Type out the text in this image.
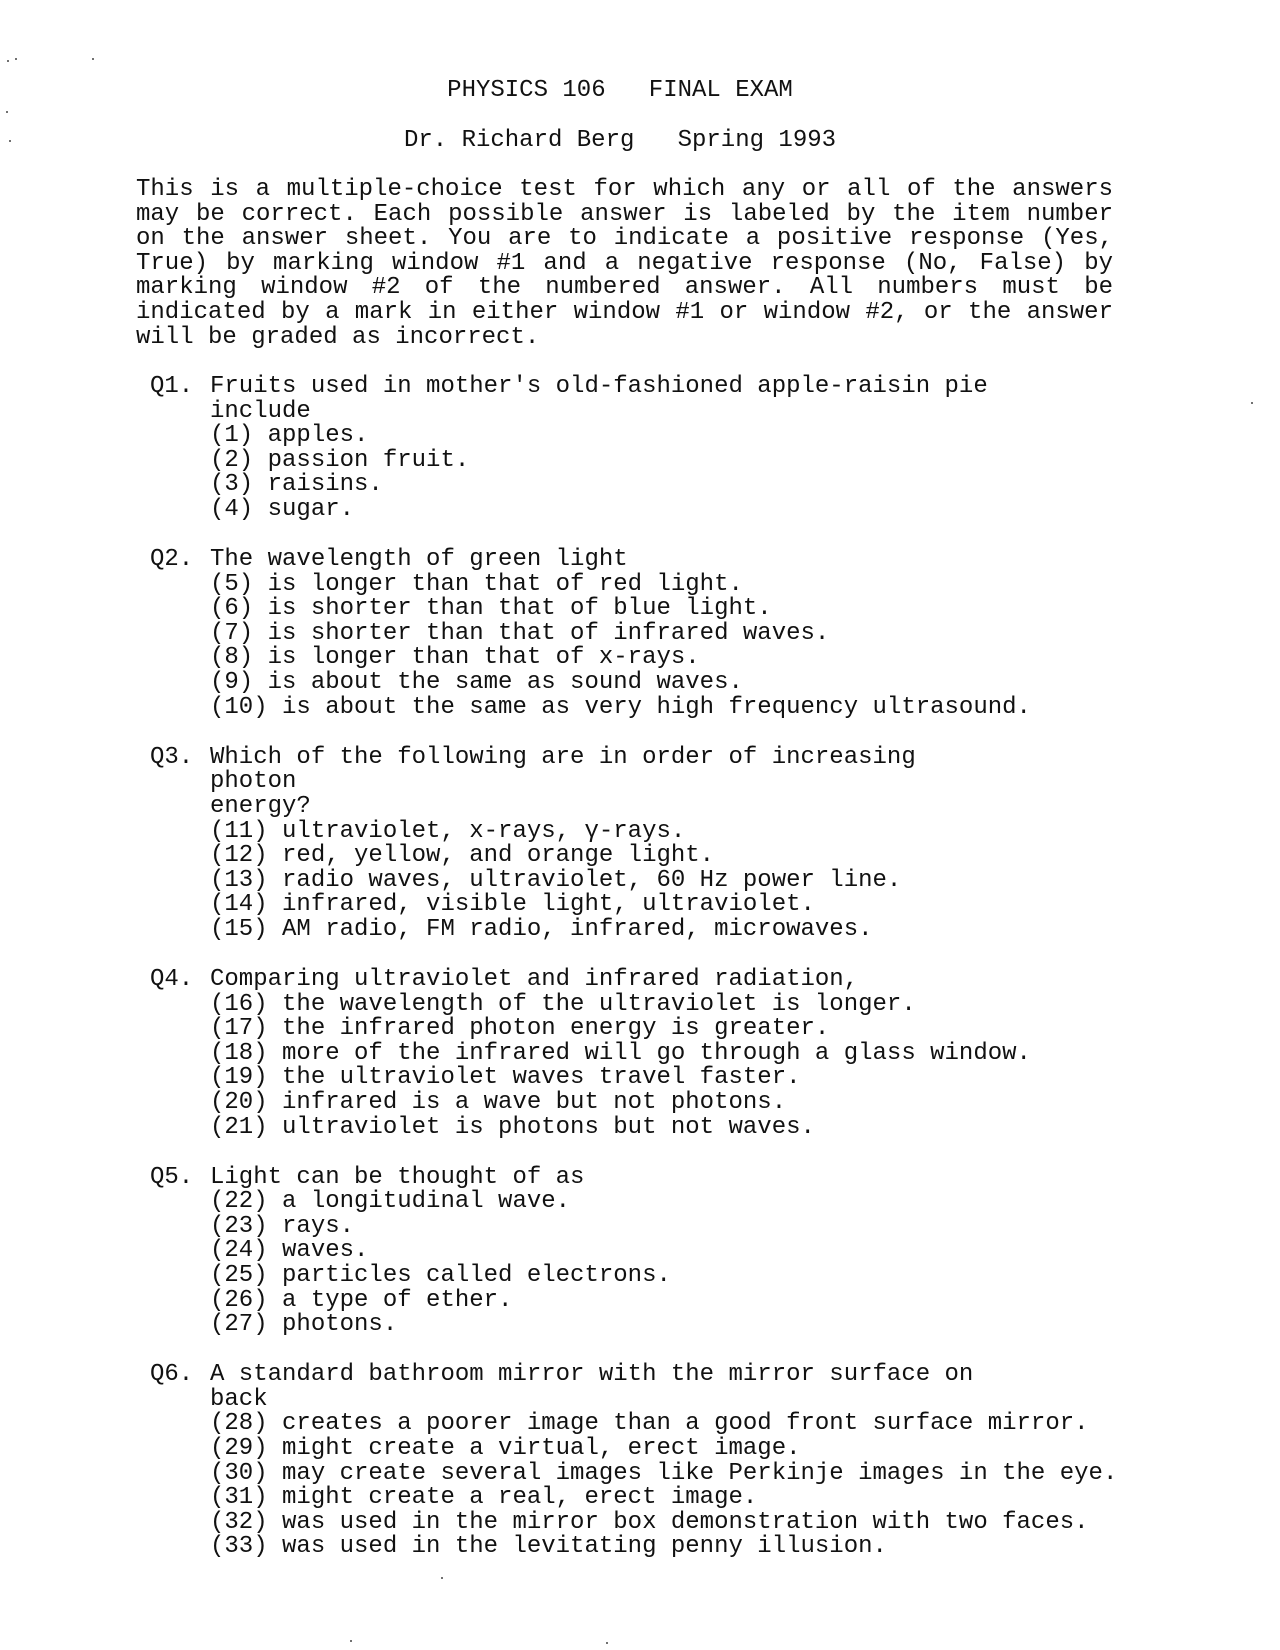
PHYSICS 106   FINAL EXAM
Dr. Richard Berg   Spring 1993
This is a multiple-choice test for which any or all of the answers may be correct. Each possible answer is labeled by the item number on the answer sheet. You are to indicate a positive response (Yes, True) by marking window #1 and a negative response (No, False) by marking window #2 of the numbered answer. All numbers must be indicated by a mark in either window #1 or window #2, or the answer will be graded as incorrect.
Q1. Fruits used in mother's old-fashioned apple-raisin pie
include
(1) apples.
(2) passion fruit.
(3) raisins.
(4) sugar.
Q2. The wavelength of green light
(5) is longer than that of red light.
(6) is shorter than that of blue light.
(7) is shorter than that of infrared waves.
(8) is longer than that of x-rays.
(9) is about the same as sound waves.
(10) is about the same as very high frequency ultrasound.
Q3. Which of the following are in order of increasing photon
energy?
(11) ultraviolet, x-rays, γ-rays.
(12) red, yellow, and orange light.
(13) radio waves, ultraviolet, 60 Hz power line.
(14) infrared, visible light, ultraviolet.
(15) AM radio, FM radio, infrared, microwaves.
Q4. Comparing ultraviolet and infrared radiation,
(16) the wavelength of the ultraviolet is longer.
(17) the infrared photon energy is greater.
(18) more of the infrared will go through a glass window.
(19) the ultraviolet waves travel faster.
(20) infrared is a wave but not photons.
(21) ultraviolet is photons but not waves.
Q5. Light can be thought of as
(22) a longitudinal wave.
(23) rays.
(24) waves.
(25) particles called electrons.
(26) a type of ether.
(27) photons.
Q6. A standard bathroom mirror with the mirror surface on back
(28) creates a poorer image than a good front surface mirror.
(29) might create a virtual, erect image.
(30) may create several images like Perkinje images in the eye.
(31) might create a real, erect image.
(32) was used in the mirror box demonstration with two faces.
(33) was used in the levitating penny illusion.
